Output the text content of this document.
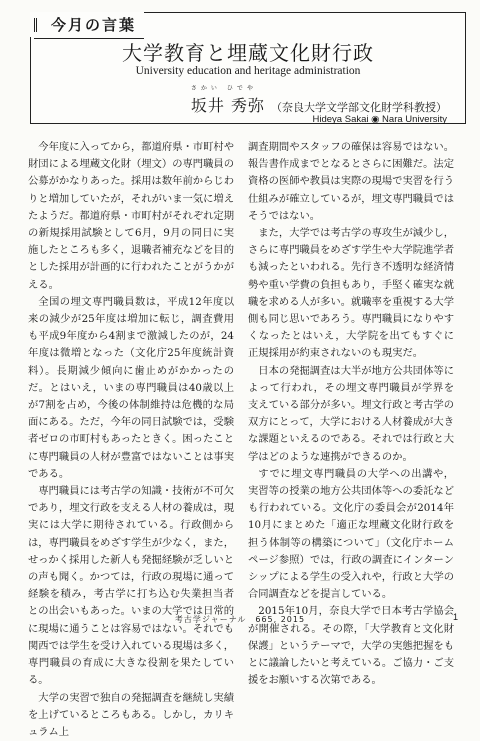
今月の言葉
大学教育と埋蔵文化財行政
University education and heritage administration
さかい ひでや
坂井 秀弥 （奈良大学文学部文化財学科教授）
Hideya Sakai ◉ Nara University

今年度に入ってから，都道府県・市町村や財団による埋蔵文化財（埋文）の専門職員の公募がかなりあった。採用は数年前からじわりと増加していたが，それがいま一気に増えたようだ。都道府県・市町村がそれぞれ定期の新規採用試験として6月，9月の同日に実施したところも多く，退職者補充などを目的とした採用が計画的に行われたことがうかがえる。

全国の埋文専門職員数は，平成12年度以来の減少が25年度は増加に転じ，調査費用も平成9年度から4割まで激減したのが，24年度は微増となった（文化庁25年度統計資料）。長期減少傾向に歯止めがかかったのだ。とはいえ，いまの専門職員は40歳以上が7割を占め，今後の体制維持は危機的な局面にある。ただ，今年の同日試験では，受験者ゼロの市町村もあったときく。困ったことに専門職員の人材が豊富ではないことは事実である。

専門職員には考古学の知識・技術が不可欠であり，埋文行政を支える人材の養成は，現実には大学に期待されている。行政側からは，専門職員をめざす学生が少なく，また，せっかく採用した新人も発掘経験が乏しいとの声も聞く。かつては，行政の現場に通って経験を積み，考古学に打ち込む失業担当者との出会いもあった。いまの大学では日常的に現場に通うことは容易ではない。それでも関西では学生を受け入れている現場は多く，専門職員の育成に大きな役割を果たしている。

大学の実習で独自の発掘調査を継続し実績を上げているところもある。しかし，カリキュラム上

調査期間やスタッフの確保は容易ではない。報告書作成までとなるとさらに困難だ。法定資格の医師や教員は実際の現場で実習を行う仕組みが確立しているが，埋文専門職員ではそうではない。

また，大学では考古学の専攻生が減少し，さらに専門職員をめざす学生や大学院進学者も減ったといわれる。先行き不透明な経済情勢や重い学費の負担もあり，手堅く確実な就職を求める人が多い。就職率を重視する大学側も同じ思いであろう。専門職員になりやすくなったとはいえ，大学院を出てもすぐに正規採用が約束されないのも現実だ。

日本の発掘調査は大半が地方公共団体等によって行われ，その埋文専門職員が学界を支えている部分が多い。埋文行政と考古学の双方にとって，大学における人材養成が大きな課題といえるのである。それでは行政と大学はどのような連携ができるのか。

すでに埋文専門職員の大学への出講や，実習等の授業の地方公共団体等への委託なども行われている。文化庁の委員会が2014年10月にまとめた「適正な埋蔵文化財行政を担う体制等の構築について」（文化庁ホームページ参照）では，行政の調査にインターンシップによる学生の受入れや，行政と大学の合同調査などを提言している。

2015年10月，奈良大学で日本考古学協会が開催される。その際，「大学教育と文化財保護」というテーマで，大学の実態把握をもとに議論したいと考えている。ご協力・ご支援をお願いする次第である。

考古学ジャーナル　665, 2015	1
